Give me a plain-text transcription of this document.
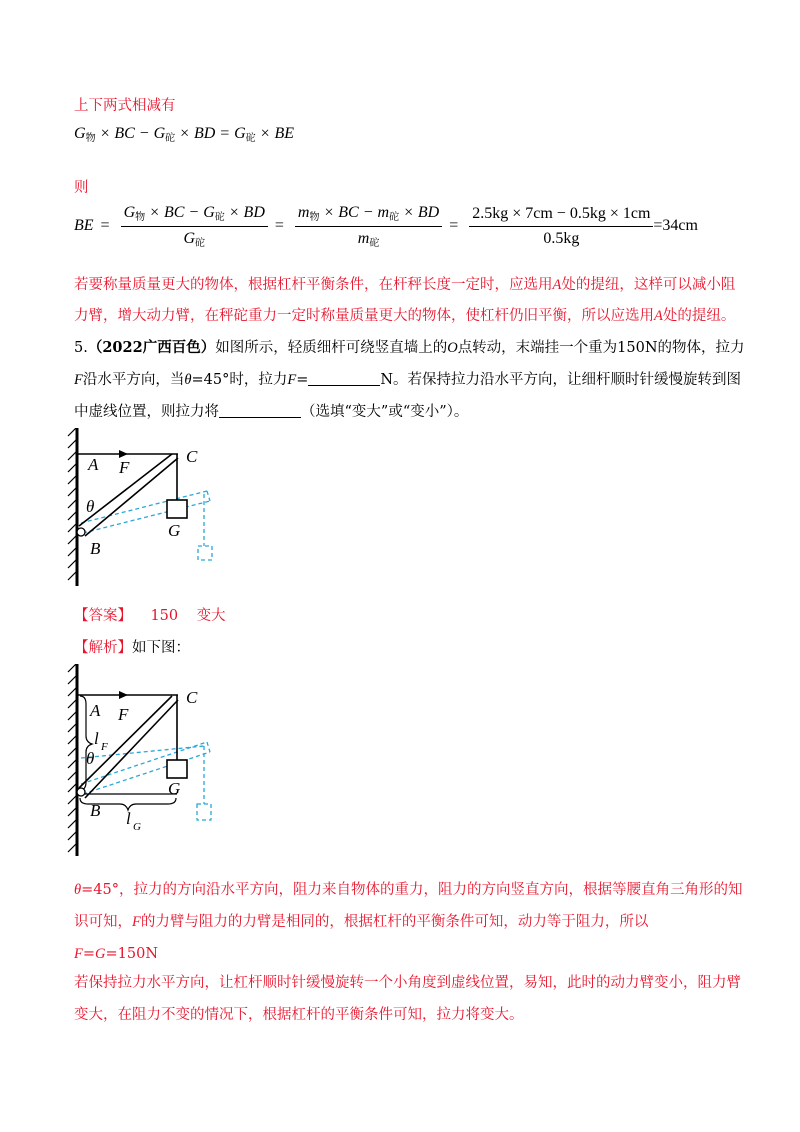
上下两式相减有
$G_物$ × BC − $G_砣$ × BD = $G_砣$ × BE
则
BE = $\frac{G_物 \times BC - G_砣 \times BD}{G_砣} = \frac{m_物 \times BC - m_砣 \times BD}{m_砣} = \frac{2.5kg \times 7cm - 0.5kg \times 1cm}{0.5kg} =34cm$
若要称量质量更大的物体，根据杠杆平衡条件，在杆秤长度一定时，应选用A处的提纽，这样可以减小阻
力臂，增大动力臂，在秤砣重力一定时称量质量更大的物体，使杠杆仍旧平衡，所以应选用A处的提纽。
5.（2022广西百色）如图所示，轻质细杆可绕竖直墙上的O点转动，末端挂一个重为150N的物体，拉力
F沿水平方向，当θ=45°时，拉力F=	N。若保持拉力沿水平方向，让细杆顺时针缓慢旋转到图
中虚线位置，则拉力将	（选填“变大”或“变小”）。
A F
C
θ
G
B
【答案】 150 变大
【解析】如下图：
A F
C
l F
θ
G
B l G
θ=45°，拉力的方向沿水平方向，阻力来自物体的重力，阻力的方向竖直方向，根据等腰直角三角形的知
识可知，F的力臂与阻力的力臂是相同的，根据杠杆的平衡条件可知，动力等于阻力，所以
F=G=150N
若保持拉力水平方向，让杠杆顺时针缓慢旋转一个小角度到虚线位置，易知，此时的动力臂变小，阻力臂
变大，在阻力不变的情况下，根据杠杆的平衡条件可知，拉力将变大。
